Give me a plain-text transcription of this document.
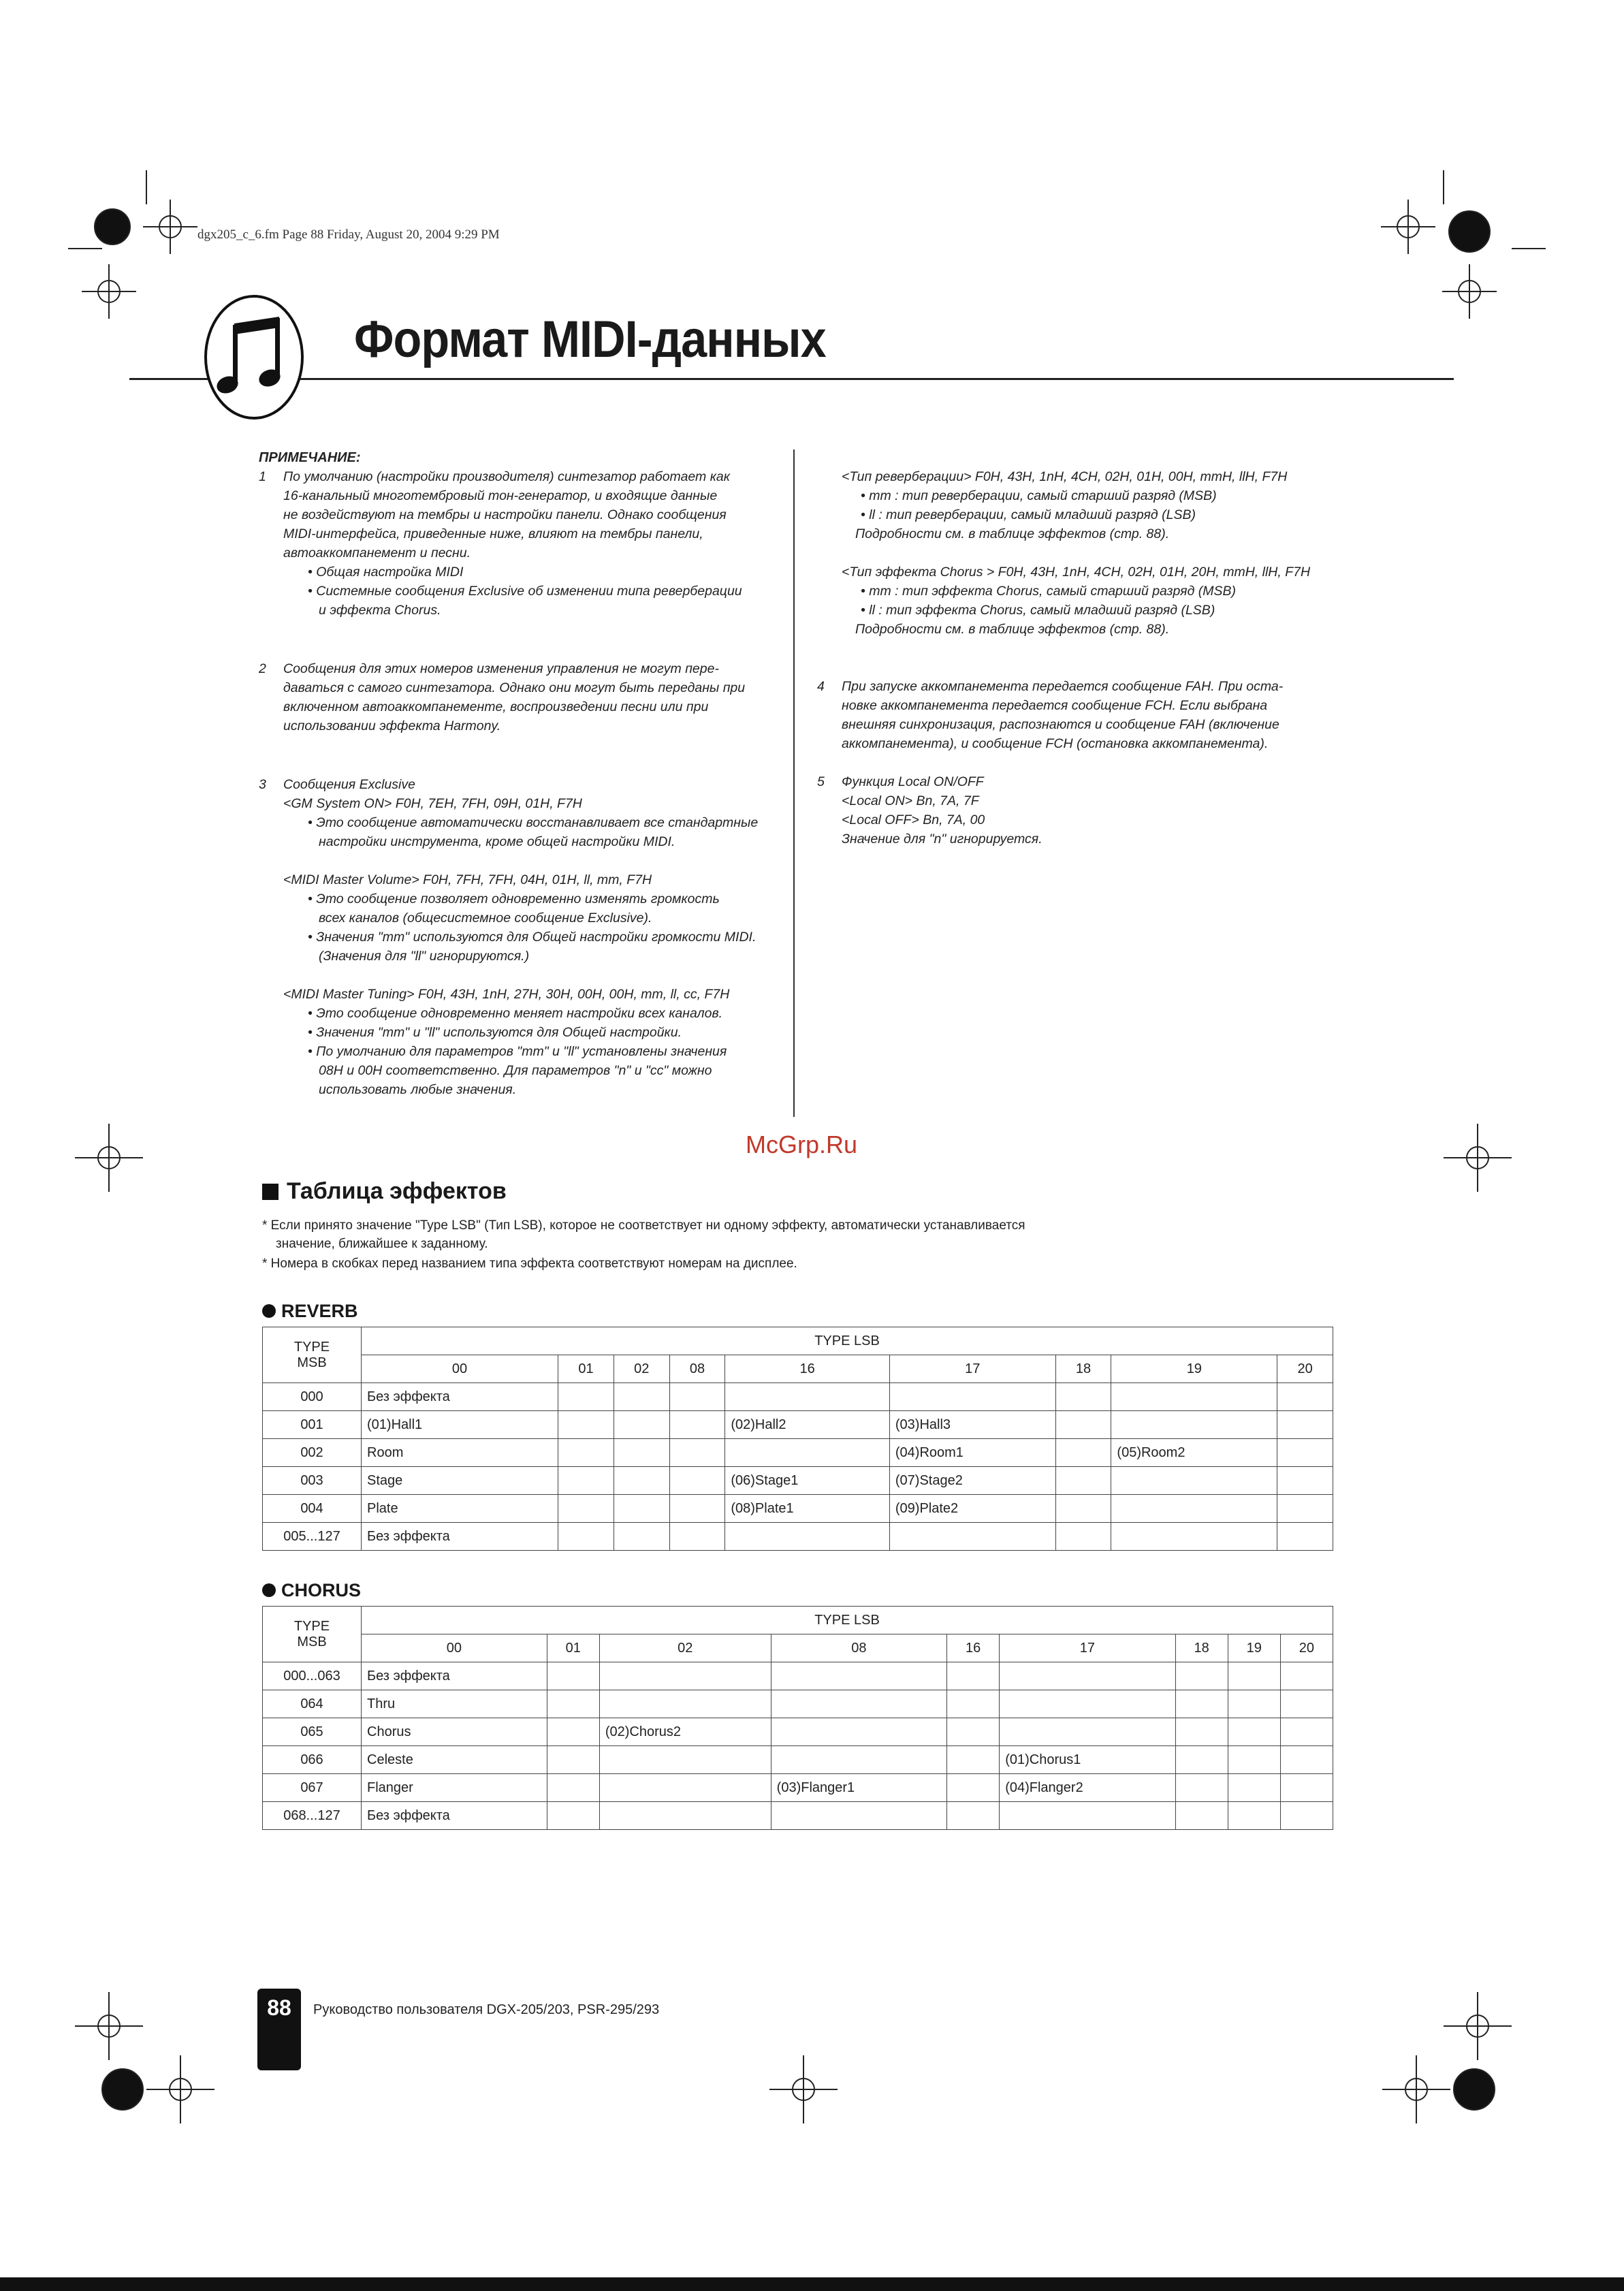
dgx205_c_6.fm Page 88 Friday, August 20, 2004 9:29 PM
Формат MIDI-данных

ПРИМЕЧАНИЕ:

1 По умолчанию (настройки производителя) синтезатор работает как

16-канальный многотембровый тон-генератор, и входящие данные

не воздействуют на тембры и настройки панели. Однако сообщения

MIDI-интерфейса, приведенные ниже, влияют на тембры панели,

автоаккомпанемент и песни.

• Общая настройка MIDI

• Системные сообщения Exclusive об изменении типа реверберации

и эффекта Chorus.

2 Сообщения для этих номеров изменения управления не могут пере-

даваться с самого синтезатора. Однако они могут быть переданы при

включенном автоаккомпанементе, воспроизведении песни или при

использовании эффекта Harmony.

3 Сообщения Exclusive

<GM System ON> F0H, 7EH, 7FH, 09H, 01H, F7H

• Это сообщение автоматически восстанавливает все стандартные

настройки инструмента, кроме общей настройки MIDI.

<MIDI Master Volume> F0H, 7FH, 7FH, 04H, 01H, ll, mm, F7H

• Это сообщение позволяет одновременно изменять громкость

всех каналов (общесистемное сообщение Exclusive).

• Значения "mm" используются для Общей настройки громкости MIDI.

(Значения для "ll" игнорируются.)

<MIDI Master Tuning> F0H, 43H, 1nH, 27H, 30H, 00H, 00H, mm, ll, cc, F7H

• Это сообщение одновременно меняет настройки всех каналов.

• Значения "mm" и "ll" используются для Общей настройки.

• По умолчанию для параметров "mm" и "ll" установлены значения

08H и 00H соответственно. Для параметров "n" и "cc" можно

использовать любые значения.

<Тип реверберации> F0H, 43H, 1nH, 4CH, 02H, 01H, 00H, mmH, llH, F7H

• mm : тип реверберации, самый старший разряд (MSB)

• ll : тип реверберации, самый младший разряд (LSB)

Подробности см. в таблице эффектов (стр. 88).

<Тип эффекта Chorus > F0H, 43H, 1nH, 4CH, 02H, 01H, 20H, mmH, llH, F7H

• mm : тип эффекта Chorus, самый старший разряд (MSB)

• ll : тип эффекта Chorus, самый младший разряд (LSB)

Подробности см. в таблице эффектов (стр. 88).

4 При запуске аккомпанемента передается сообщение FAH. При оста-

новке аккомпанемента передается сообщение FCH. Если выбрана

внешняя синхронизация, распознаются и сообщение FAH (включение

аккомпанемента), и сообщение FCH (остановка аккомпанемента).

5 Функция Local ON/OFF

<Local ON> Bn, 7A, 7F

<Local OFF> Bn, 7A, 00

Значение для "n" игнорируется.

McGrp.Ru
Таблица эффектов
* Если принято значение "Type LSB" (Тип LSB), которое не соответствует ни одному эффекту, автоматически устанавливается
значение, ближайшее к заданному.
* Номера в скобках перед названием типа эффекта соответствуют номерам на дисплее.
REVERB
TYPE
MSB	TYPE LSB								
	00	01	02	08	16	17	18	19	20
000	Без эффекта								
001	(01)Hall1				(02)Hall2	(03)Hall3			
002	Room					(04)Room1		(05)Room2	
003	Stage				(06)Stage1	(07)Stage2			
004	Plate				(08)Plate1	(09)Plate2			
005...127	Без эффекта								
CHORUS
TYPE
MSB	TYPE LSB								
	00	01	02	08	16	17	18	19	20
000...063	Без эффекта								
064	Thru								
065	Chorus		(02)Chorus2						
066	Celeste					(01)Chorus1			
067	Flanger			(03)Flanger1		(04)Flanger2			
068...127	Без эффекта								
88	Руководство пользователя DGX-205/203, PSR-295/293
